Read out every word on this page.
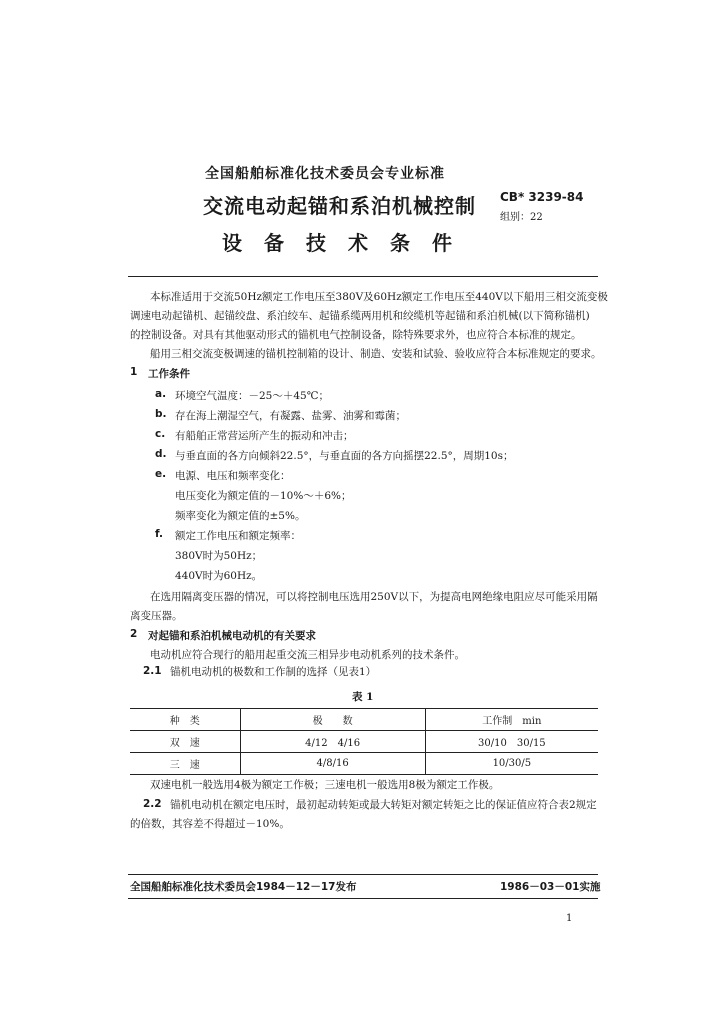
全国船舶标准化技术委员会专业标准
交流电动起锚和系泊机械控制
设备技术条件
CB* 3239-84
组别：22
本标准适用于交流50Hz额定工作电压至380V及60Hz额定工作电压至440V以下船用三相交流变极
调速电动起锚机、起锚绞盘、系泊绞车、起锚系缆两用机和绞缆机等起锚和系泊机械(以下简称锚机)
的控制设备。对具有其他驱动形式的锚机电气控制设备，除特殊要求外，也应符合本标准的规定。
船用三相交流变极调速的锚机控制箱的设计、制造、安装和试验、验收应符合本标准规定的要求。
1 工作条件
a. 环境空气温度：－25～＋45℃；
b. 存在海上潮湿空气，有凝露、盐雾、油雾和霉菌；
c. 有船舶正常营运所产生的振动和冲击；
d. 与垂直面的各方向倾斜22.5°，与垂直面的各方向摇摆22.5°，周期10s；
e. 电源、电压和频率变化：
电压变化为额定值的－10%～＋6%；
频率变化为额定值的±5%。
f. 额定工作电压和额定频率：
380V时为50Hz；
440V时为60Hz。
在选用隔离变压器的情况，可以将控制电压选用250V以下，为提高电网绝缘电阻应尽可能采用隔
离变压器。
2 对起锚和系泊机械电动机的有关要求
电动机应符合现行的船用起重交流三相异步电动机系列的技术条件。
2.1 锚机电动机的极数和工作制的选择（见表1）
表 1
种　类	极　　数	工作制　min
双　速	4/12　4/16	30/10　30/15
三　速	4/8/16	10/30/5
双速电机一般选用4极为额定工作极；三速电机一般选用8极为额定工作极。
2.2 锚机电动机在额定电压时，最初起动转矩或最大转矩对额定转矩之比的保证值应符合表2规定
的倍数，其容差不得超过－10%。
全国船舶标准化技术委员会1984－12－17发布	1986－03－01实施
1
